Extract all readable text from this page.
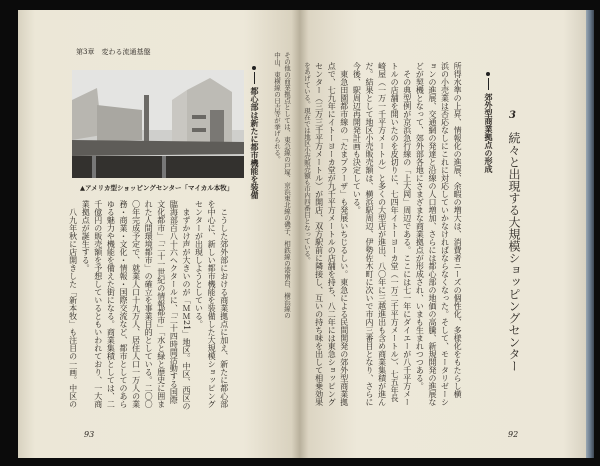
第3章　変わる流通基盤
▲アメリカ型ショッピングセンター「マイカル本牧」 都心部は新たに都市機能を装備	その他の商業拠点としては、東急線の戸塚、京浜東北線の磯子、相鉄線の港南台、横浜線の
中山、東横線の日吉等が挙げられる。
　こうした郊外部における商業拠点に加え、新たに都心部
を中心に、新しい都市機能を装備した大規模ショッピング
センターが出現しようとしている。
　まずかけ声が大きいのが「ＭＭ21」地区。中区、西区の
臨海部百八十六ヘクタールに、「二十四時間活動する国際
文化都市」「二十一世紀の情報都市」「水と緑と歴史に囲ま
れた人間環境都市」の確立を事業目的としている。二〇〇
〇年完成予定で、就業人口十九万人、居住人口一万人の業
務・商業・文化・情報・国際交流など、都市としてのあら
ゆる魅力や機能を備えた街になる。商業集積としては、二
千億円の販売額を予想しているともいわれており、一大商
業拠点が誕生する。
　八九年秋に店開きした「新本牧」も注目の一画。中区の
93
3
続々と出現する大規模ショッピングセンター
郊外型商業拠点の形成
所得水準の上昇、情報化の進展、余暇の増大は、消費者ニーズの個性化、多様化をもたらし横
浜の小売業は否応なしにこれに対応していかなければならなくなった。そして、モータリゼーシ
ョンの進展、交通網の発達と沿線の人口増加、さらには都心部の地価の高騰、新規開発の進展な
どが契機となって、郊外部各地にさまざまな商業拠点が形成され、いまも生まれつつある。
　その典型例が京浜急行線の「上大岡」周辺である。ここには七一年にダイエーが八千平方メー
トルの店舗を開いたのを皮切りに、七四年イトーヨーカ堂（一万二千平方メートル）、七五年長
崎屋（一万一千平方メートル）と多くの大型店が進出、八〇年に三越進出も含め商業集積が進ん
だ。結果として地区小売販売額は、横浜駅周辺、伊勢佐木町に次いで市内三番目となり、さらに
今後、駅周辺再開発計画も決定している。
　東急田園都市線の「たまプラーザ」も発展いちじるしい。東急による民間開発の郊外型商業拠
点で、七九年にイトーヨーカ堂が九千平方メートルの店舗を持ち、八二年には東急ショッピング
センター（三万三千平方メートル）が開店、双方駅前に隣接し、互いの持ち味を出して相乗効果
をあげている。現在では地区小売販売額も市内四番目となっている。
92
